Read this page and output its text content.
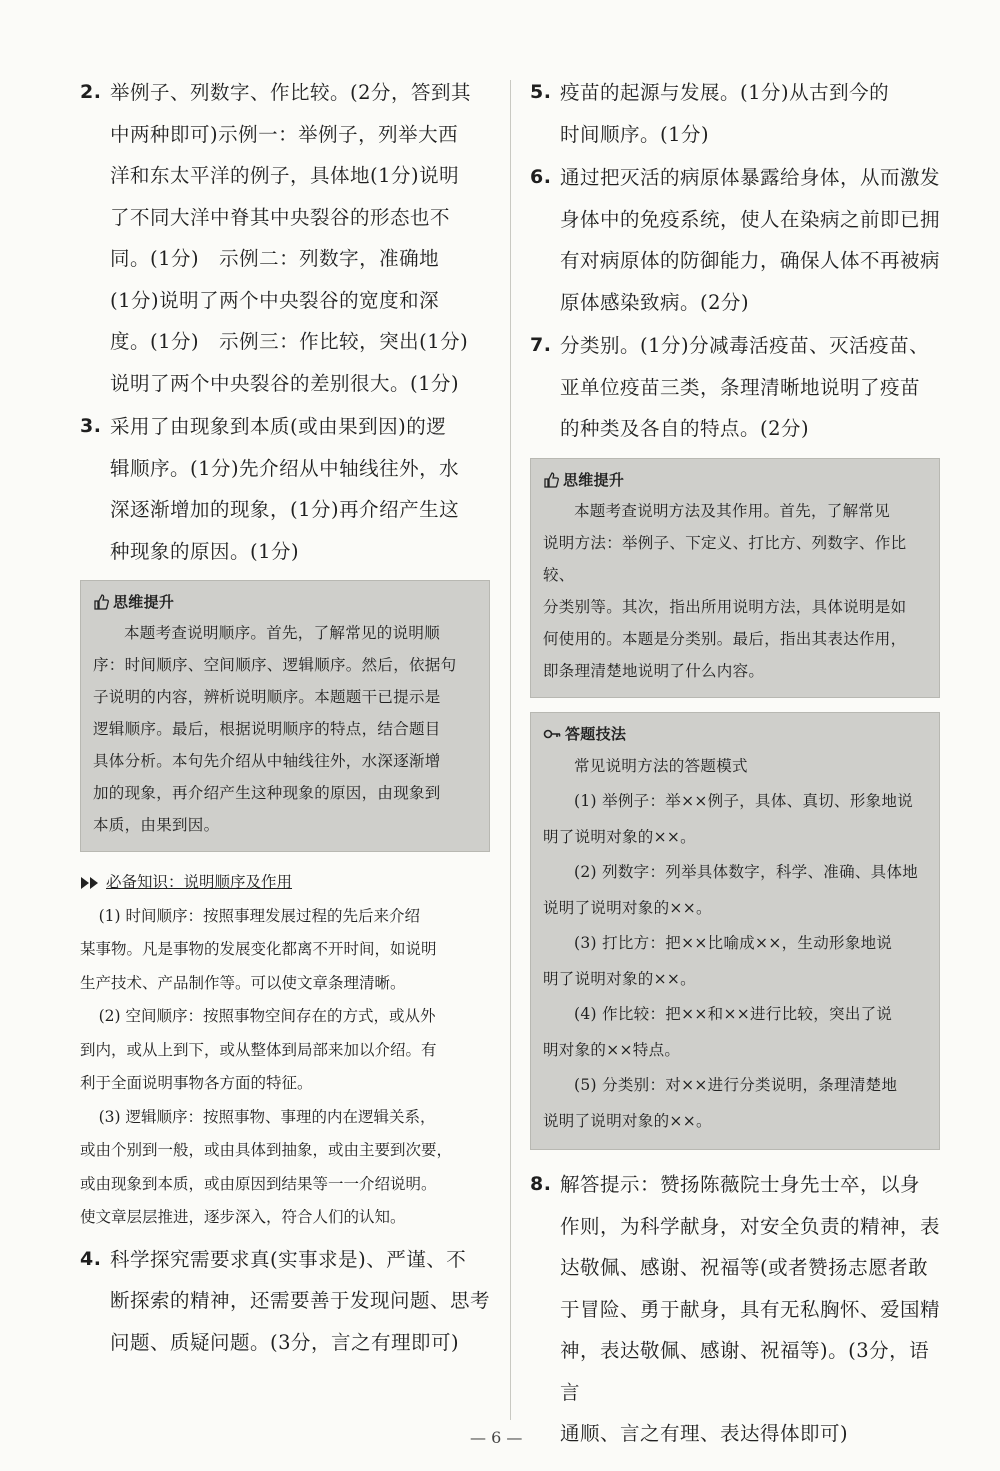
2. 举例子、列数字、作比较。(2分，答到其
中两种即可)示例一：举例子，列举大西
洋和东太平洋的例子，具体地(1分)说明
了不同大洋中脊其中央裂谷的形态也不
同。(1分)　示例二：列数字，准确地
(1分)说明了两个中央裂谷的宽度和深
度。(1分)　示例三：作比较，突出(1分)
说明了两个中央裂谷的差别很大。(1分)
3. 采用了由现象到本质(或由果到因)的逻
辑顺序。(1分)先介绍从中轴线往外，水
深逐渐增加的现象，(1分)再介绍产生这
种现象的原因。(1分)
思维提升

本题考查说明顺序。首先，了解常见的说明顺

序：时间顺序、空间顺序、逻辑顺序。然后，依据句

子说明的内容，辨析说明顺序。本题题干已提示是

逻辑顺序。最后，根据说明顺序的特点，结合题目

具体分析。本句先介绍从中轴线往外，水深逐渐增

加的现象，再介绍产生这种现象的原因，由现象到

本质，由果到因。

必备知识：说明顺序及作用

(1) 时间顺序：按照事理发展过程的先后来介绍

某事物。凡是事物的发展变化都离不开时间，如说明

生产技术、产品制作等。可以使文章条理清晰。

(2) 空间顺序：按照事物空间存在的方式，或从外

到内，或从上到下，或从整体到局部来加以介绍。有

利于全面说明事物各方面的特征。

(3) 逻辑顺序：按照事物、事理的内在逻辑关系，

或由个别到一般，或由具体到抽象，或由主要到次要，

或由现象到本质，或由原因到结果等一一介绍说明。

使文章层层推进，逐步深入，符合人们的认知。

4. 科学探究需要求真(实事求是)、严谨、不
断探索的精神，还需要善于发现问题、思考
问题、质疑问题。(3分，言之有理即可)
5. 疫苗的起源与发展。(1分)从古到今的
时间顺序。(1分)
6. 通过把灭活的病原体暴露给身体，从而激发
身体中的免疫系统，使人在染病之前即已拥
有对病原体的防御能力，确保人体不再被病
原体感染致病。(2分)
7. 分类别。(1分)分减毒活疫苗、灭活疫苗、
亚单位疫苗三类，条理清晰地说明了疫苗
的种类及各自的特点。(2分)
思维提升

本题考查说明方法及其作用。首先，了解常见

说明方法：举例子、下定义、打比方、列数字、作比较、

分类别等。其次，指出所用说明方法，具体说明是如

何使用的。本题是分类别。最后，指出其表达作用，

即条理清楚地说明了什么内容。

答题技法

常见说明方法的答题模式

(1) 举例子：举××例子，具体、真切、形象地说

明了说明对象的××。

(2) 列数字：列举具体数字，科学、准确、具体地

说明了说明对象的××。

(3) 打比方：把××比喻成××，生动形象地说

明了说明对象的××。

(4) 作比较：把××和××进行比较，突出了说

明对象的××特点。

(5) 分类别：对××进行分类说明，条理清楚地

说明了说明对象的××。

8. 解答提示：赞扬陈薇院士身先士卒，以身
作则，为科学献身，对安全负责的精神，表
达敬佩、感谢、祝福等(或者赞扬志愿者敢
于冒险、勇于献身，具有无私胸怀、爱国精
神，表达敬佩、感谢、祝福等)。(3分，语言
通顺、言之有理、表达得体即可)
— 6 —
